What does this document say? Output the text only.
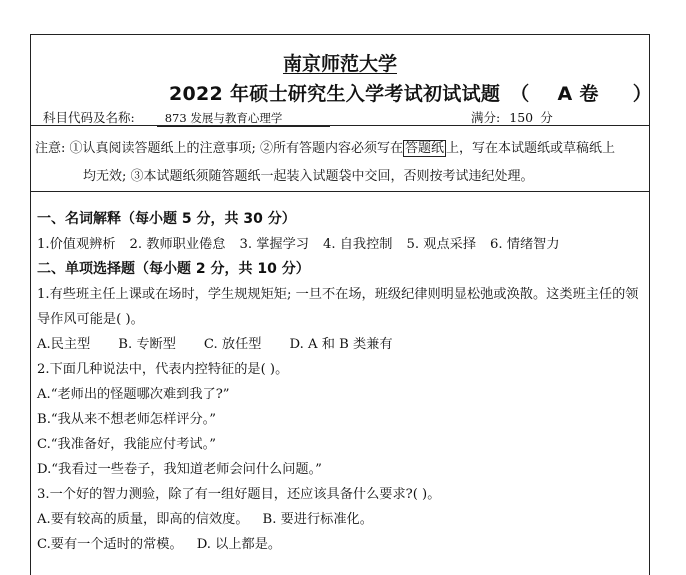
南京师范大学
2022 年硕士研究生入学考试初试试题 （ A 卷 ）
科目代码及名称:	873 发展与教育心理学	满分: 150 分
注意: ①认真阅读答题纸上的注意事项; ②所有答题内容必须写在 答题纸 上，写在本试题纸或草稿纸上
均无效; ③本试题纸须随答题纸一起装入试题袋中交回，否则按考试违纪处理。
一、名词解释（每小题 5 分，共 30 分）
1.价值观辨析 2. 教师职业倦怠 3. 掌握学习 4. 自我控制 5. 观点采择 6. 情绪智力
二、单项选择题（每小题 2 分，共 10 分）
1.有些班主任上课或在场时，学生规规矩矩; 一旦不在场，班级纪律则明显松弛或涣散。这类班主任的领导作风可能是( )。
A.民主型 B. 专断型 C. 放任型 D. A 和 B 类兼有
2.下面几种说法中，代表内控特征的是( )。
A.“老师出的怪题哪次难到我了?”
B.“我从来不想老师怎样评分。”
C.“我准备好，我能应付考试。”
D.“我看过一些卷子，我知道老师会问什么问题。”
3.一个好的智力测验，除了有一组好题目，还应该具备什么要求?( )。
A.要有较高的质量，即高的信效度。 B. 要进行标准化。
C.要有一个适时的常模。 D. 以上都是。
